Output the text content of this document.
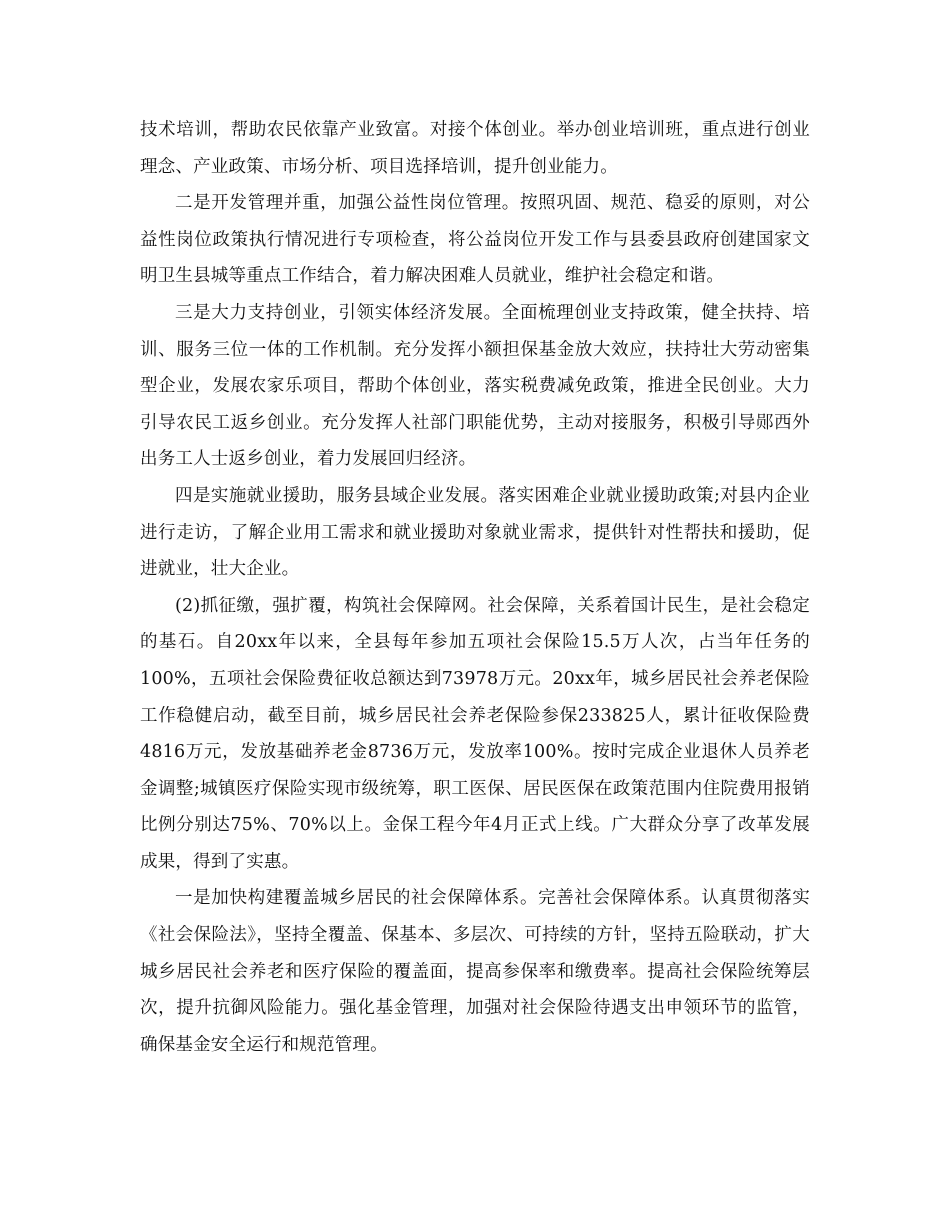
技术培训，帮助农民依靠产业致富。对接个体创业。举办创业培训班，重点进行创业理念、产业政策、市场分析、项目选择培训，提升创业能力。

二是开发管理并重，加强公益性岗位管理。按照巩固、规范、稳妥的原则，对公益性岗位政策执行情况进行专项检查，将公益岗位开发工作与县委县政府创建国家文明卫生县城等重点工作结合，着力解决困难人员就业，维护社会稳定和谐。

三是大力支持创业，引领实体经济发展。全面梳理创业支持政策，健全扶持、培训、服务三位一体的工作机制。充分发挥小额担保基金放大效应，扶持壮大劳动密集型企业，发展农家乐项目，帮助个体创业，落实税费减免政策，推进全民创业。大力引导农民工返乡创业。充分发挥人社部门职能优势，主动对接服务，积极引导郧西外出务工人士返乡创业，着力发展回归经济。

四是实施就业援助，服务县域企业发展。落实困难企业就业援助政策;对县内企业进行走访，了解企业用工需求和就业援助对象就业需求，提供针对性帮扶和援助，促进就业，壮大企业。

(2)抓征缴，强扩覆，构筑社会保障网。社会保障，关系着国计民生，是社会稳定的基石。自20xx年以来，全县每年参加五项社会保险15.5万人次，占当年任务的100%，五项社会保险费征收总额达到73978万元。20xx年，城乡居民社会养老保险工作稳健启动，截至目前，城乡居民社会养老保险参保233825人，累计征收保险费4816万元，发放基础养老金8736万元，发放率100%。按时完成企业退休人员养老金调整;城镇医疗保险实现市级统筹，职工医保、居民医保在政策范围内住院费用报销比例分别达75%、70%以上。金保工程今年4月正式上线。广大群众分享了改革发展成果，得到了实惠。

一是加快构建覆盖城乡居民的社会保障体系。完善社会保障体系。认真贯彻落实《社会保险法》，坚持全覆盖、保基本、多层次、可持续的方针，坚持五险联动，扩大城乡居民社会养老和医疗保险的覆盖面，提高参保率和缴费率。提高社会保险统筹层次，提升抗御风险能力。强化基金管理，加强对社会保险待遇支出申领环节的监管，确保基金安全运行和规范管理。
